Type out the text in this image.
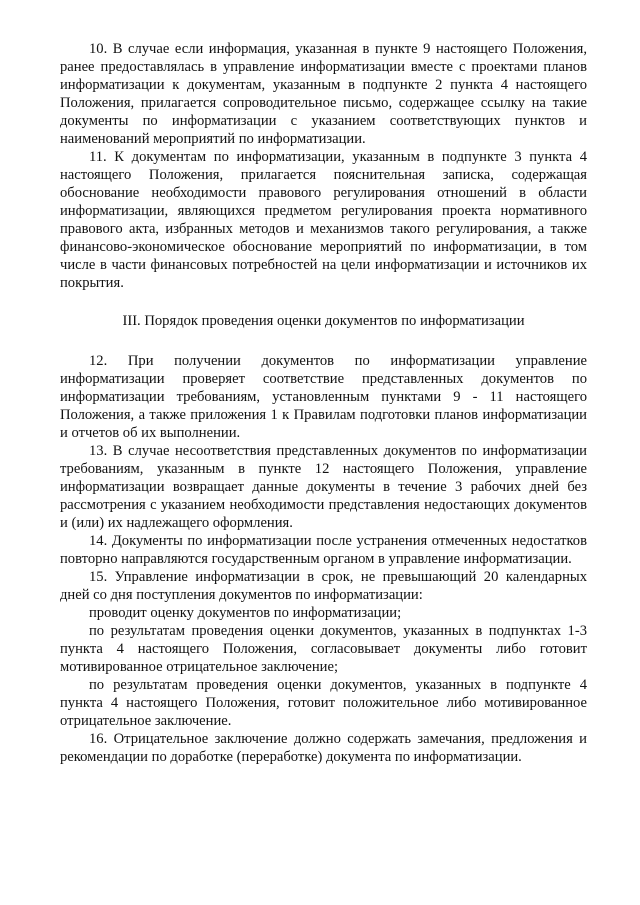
10. В случае если информация, указанная в пункте 9 настоящего Положения, ранее предоставлялась в управление информатизации вместе с проектами планов информатизации к документам, указанным в подпункте 2 пункта 4 настоящего Положения, прилагается сопроводительное письмо, содержащее ссылку на такие документы по информатизации с указанием соответствующих пунктов и наименований мероприятий по информатизации.

11. К документам по информатизации, указанным в подпункте 3 пункта 4 настоящего Положения, прилагается пояснительная записка, содержащая обоснование необходимости правового регулирования отношений в области информатизации, являющихся предметом регулирования проекта нормативного правового акта, избранных методов и механизмов такого регулирования, а также финансово-экономическое обоснование мероприятий по информатизации, в том числе в части финансовых потребностей на цели информатизации и источников их покрытия.

III. Порядок проведения оценки документов по информатизации

12. При получении документов по информатизации управление информатизации проверяет соответствие представленных документов по информатизации требованиям, установленным пунктами 9 - 11 настоящего Положения, а также приложения 1 к Правилам подготовки планов информатизации и отчетов об их выполнении.

13. В случае несоответствия представленных документов по информатизации требованиям, указанным в пункте 12 настоящего Положения, управление информатизации возвращает данные документы в течение 3 рабочих дней без рассмотрения с указанием необходимости представления недостающих документов и (или) их надлежащего оформления.

14. Документы по информатизации после устранения отмеченных недостатков повторно направляются государственным органом в управление информатизации.

15. Управление информатизации в срок, не превышающий 20 календарных дней со дня поступления документов по информатизации:

проводит оценку документов по информатизации;

по результатам проведения оценки документов, указанных в подпунктах 1-3 пункта 4 настоящего Положения, согласовывает документы либо готовит мотивированное отрицательное заключение;

по результатам проведения оценки документов, указанных в подпункте 4 пункта 4 настоящего Положения, готовит положительное либо мотивированное отрицательное заключение.

16. Отрицательное заключение должно содержать замечания, предложения и рекомендации по доработке (переработке) документа по информатизации.
